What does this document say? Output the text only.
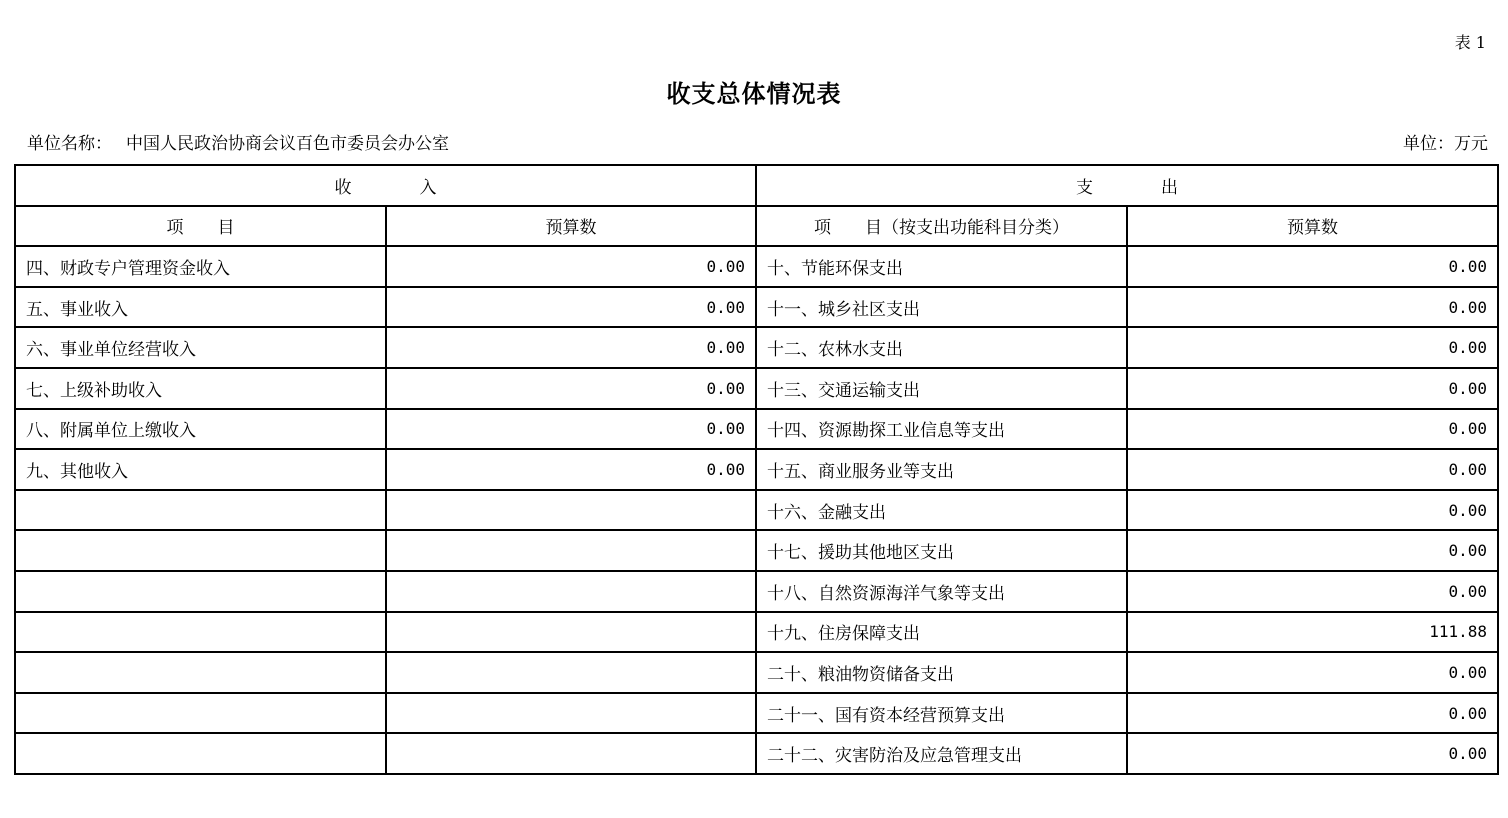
表 1
收支总体情况表
单位名称： 中国人民政治协商会议百色市委员会办公室	单位：万元
收　　　　入		支　　　　出	
项　　目	预算数	项　　目（按支出功能科目分类）	预算数
四、财政专户管理资金收入	0.00	十、节能环保支出	0.00
五、事业收入	0.00	十一、城乡社区支出	0.00
六、事业单位经营收入	0.00	十二、农林水支出	0.00
七、上级补助收入	0.00	十三、交通运输支出	0.00
八、附属单位上缴收入	0.00	十四、资源勘探工业信息等支出	0.00
九、其他收入	0.00	十五、商业服务业等支出	0.00
		十六、金融支出	0.00
		十七、援助其他地区支出	0.00
		十八、自然资源海洋气象等支出	0.00
		十九、住房保障支出	111.88
		二十、粮油物资储备支出	0.00
		二十一、国有资本经营预算支出	0.00
		二十二、灾害防治及应急管理支出	0.00
